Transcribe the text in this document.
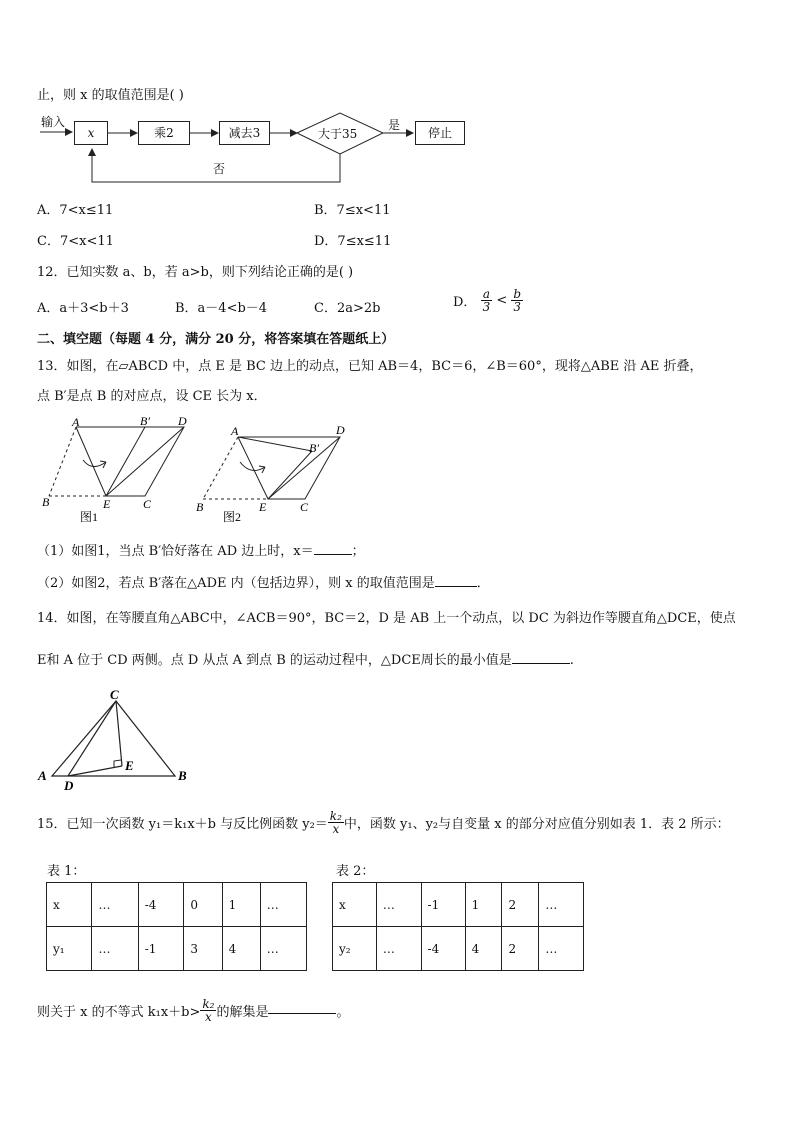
止，则 x 的取值范围是( )
输入
x	乘2	减去3	大于35
是
停止
否
A．7<x≤11	B．7≤x<11
C．7<x<11	D．7≤x≤11
12．已知实数 a、b，若 a>b，则下列结论正确的是( )
A．a＋3<b＋3	B．a－4<b－4	C．2a>2b	D． $\frac{a}{3} < \frac{b}{3}$
二、填空题（每题 4 分，满分 20 分，将答案填在答题纸上）
13．如图，在▱ABCD 中，点 E 是 BC 边上的动点，已知 AB＝4，BC＝6，∠B＝60°，现将△ABE 沿 AE 折叠，
点 B′是点 B 的对应点，设 CE 长为 x．
A	B′ D
B	E	C
图1
A	D
B′
B	E	C
图2
（1）如图1，当点 B′恰好落在 AD 边上时，x＝	；
（2）如图2，若点 B′落在△ADE 内（包括边界），则 x 的取值范围是	．
14．如图，在等腰直角△ABC中，∠ACB＝90°，BC＝2，D 是 AB 上一个动点，以 DC 为斜边作等腰直角△DCE，使点
E和 A 位于 CD 两侧。点 D 从点 A 到点 B 的运动过程中，△DCE周长的最小值是	.
C
A
D
E
B
15．已知一次函数 y₁＝k₁x＋b 与反比例函数 $y_2= \frac{\text{k₂}}{x}$ 中，函数 y₁、y₂与自变量 x 的部分对应值分别如表 1．表 2 所示：
表 1：	表 2：
x	…	-4	0	1	…
y₁	…	-1	3	4	…
x	…	-1	1	2	…
y₂	…	-4	4	2	…
则关于 x 的不等式 $k_1x+b> \frac{\text{k₂}}{x}$ 的解集是	。
